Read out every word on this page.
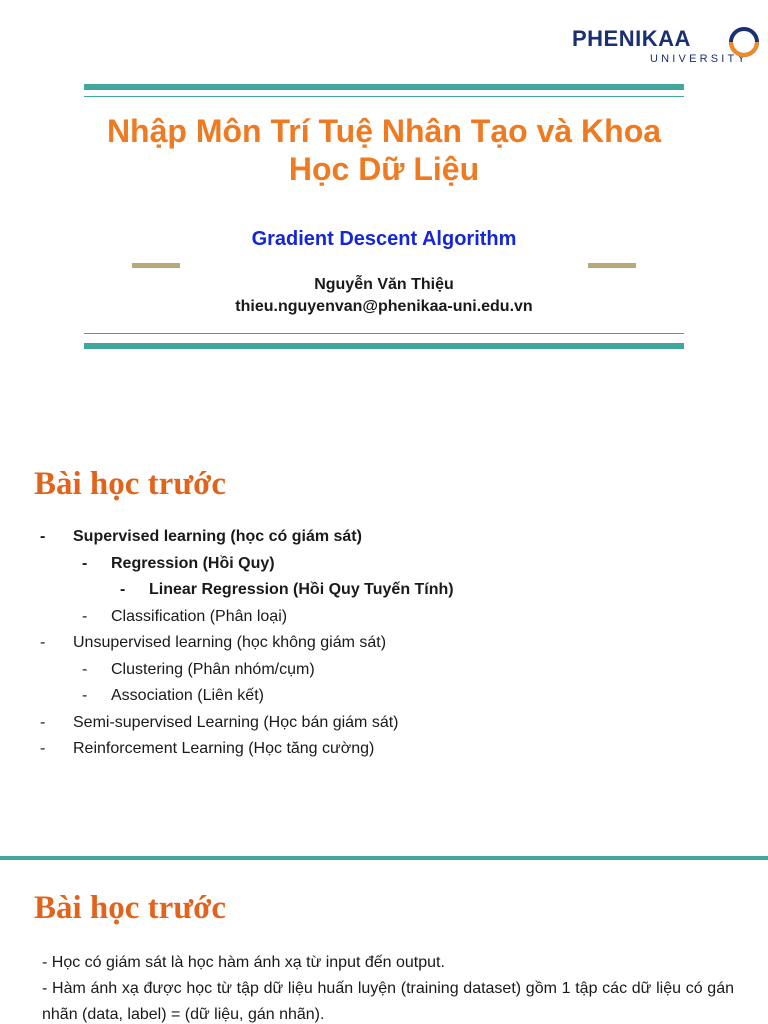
PHENIKAA
UNIVERSITY
Nhập Môn Trí Tuệ Nhân Tạo và Khoa Học Dữ Liệu
Gradient Descent Algorithm
Nguyễn Văn Thiệu
thieu.nguyenvan@phenikaa-uni.edu.vn
Bài học trước
-	Supervised learning (học có giám sát)
-	Regression (Hồi Quy)
-	Linear Regression (Hồi Quy Tuyến Tính)
-	Classification (Phân loại)
-	Unsupervised learning (học không giám sát)
-	Clustering (Phân nhóm/cụm)
-	Association (Liên kết)
-	Semi-supervised Learning (Học bán giám sát)
-	Reinforcement Learning (Học tăng cường)
Bài học trước

- Học có giám sát là học hàm ánh xạ từ input đến output.

- Hàm ánh xạ được học từ tập dữ liệu huấn luyện (training dataset) gồm 1 tập các dữ liệu có gán nhãn (data, label) = (dữ liệu, gán nhãn).
